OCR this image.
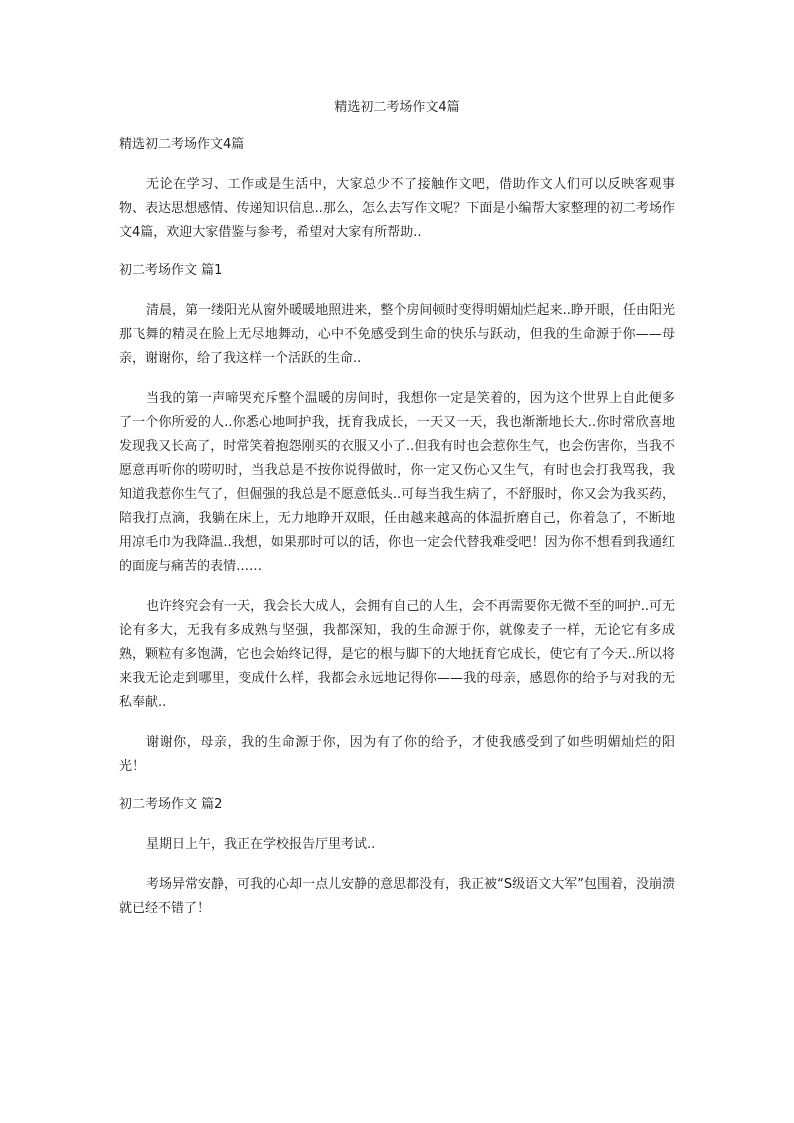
精选初二考场作文4篇

精选初二考场作文4篇

无论在学习、工作或是生活中，大家总少不了接触作文吧，借助作文人们可以反映客观事物、表达思想感情、传递知识信息..那么，怎么去写作文呢？下面是小编帮大家整理的初二考场作文4篇，欢迎大家借鉴与参考，希望对大家有所帮助..

初二考场作文 篇1

清晨，第一缕阳光从窗外暖暖地照进来，整个房间顿时变得明媚灿烂起来..睁开眼，任由阳光那飞舞的精灵在脸上无尽地舞动，心中不免感受到生命的快乐与跃动，但我的生命源于你——母亲，谢谢你，给了我这样一个活跃的生命..

当我的第一声啼哭充斥整个温暖的房间时，我想你一定是笑着的，因为这个世界上自此便多了一个你所爱的人..你悉心地呵护我，抚育我成长，一天又一天，我也渐渐地长大..你时常欣喜地发现我又长高了，时常笑着抱怨刚买的衣服又小了..但我有时也会惹你生气，也会伤害你，当我不愿意再听你的唠叨时，当我总是不按你说得做时，你一定又伤心又生气，有时也会打我骂我，我知道我惹你生气了，但倔强的我总是不愿意低头..可每当我生病了，不舒服时，你又会为我买药，陪我打点滴，我躺在床上，无力地睁开双眼，任由越来越高的体温折磨自己，你着急了，不断地用凉毛巾为我降温..我想，如果那时可以的话，你也一定会代替我难受吧！因为你不想看到我通红的面庞与痛苦的表情……

也许终究会有一天，我会长大成人，会拥有自己的人生，会不再需要你无微不至的呵护..可无论有多大，无我有多成熟与坚强，我都深知，我的生命源于你，就像麦子一样，无论它有多成熟，颗粒有多饱满，它也会始终记得，是它的根与脚下的大地抚育它成长，使它有了今天..所以将来我无论走到哪里，变成什么样，我都会永远地记得你——我的母亲，感恩你的给予与对我的无私奉献..

谢谢你，母亲，我的生命源于你，因为有了你的给予，才使我感受到了如些明媚灿烂的阳光！

初二考场作文 篇2

星期日上午，我正在学校报告厅里考试..

考场异常安静，可我的心却一点儿安静的意思都没有，我正被“S级语文大军”包围着，没崩溃就已经不错了！
